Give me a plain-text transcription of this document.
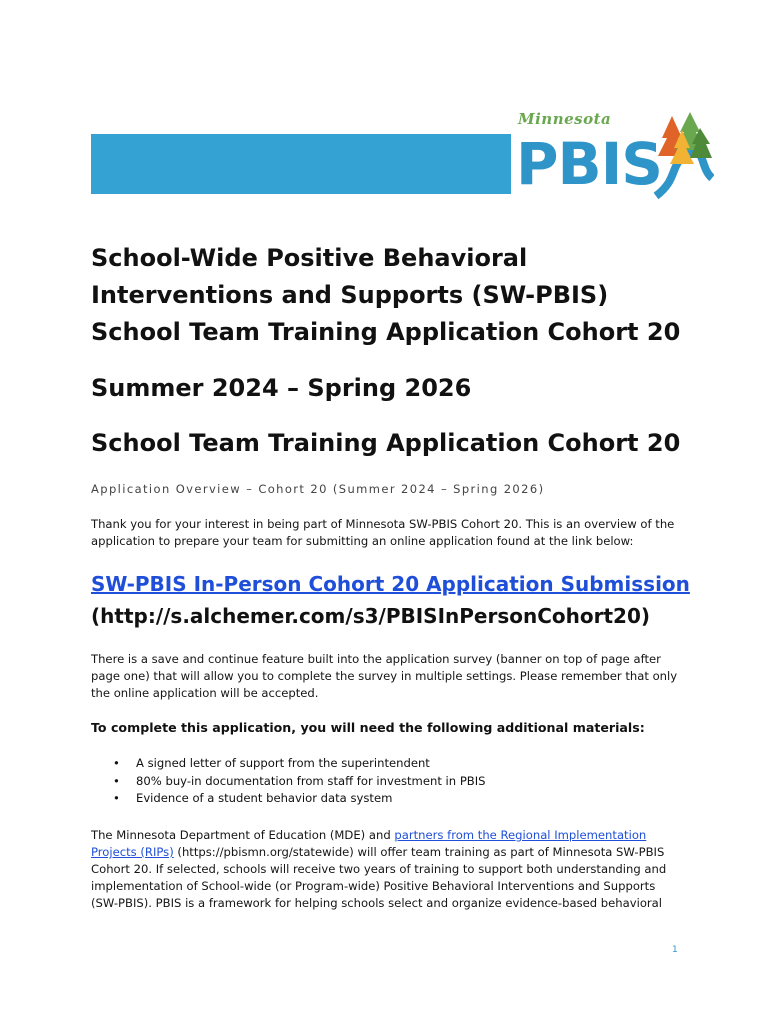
Minnesota
PBIS
School-Wide Positive Behavioral Interventions and Supports (SW-PBIS) School Team Training Application Cohort 20
Summer 2024 – Spring 2026
School Team Training Application Cohort 20

Application Overview – Cohort 20 (Summer 2024 – Spring 2026)

Thank you for your interest in being part of Minnesota SW-PBIS Cohort 20. This is an overview of the application to prepare your team for submitting an online application found at the link below:

SW-PBIS In-Person Cohort 20 Application Submission

(http://s.alchemer.com/s3/PBISInPersonCohort20)

There is a save and continue feature built into the application survey (banner on top of page after page one) that will allow you to complete the survey in multiple settings. Please remember that only the online application will be accepted.

To complete this application, you will need the following additional materials:

• A signed letter of support from the superintendent
• 80% buy-in documentation from staff for investment in PBIS
• Evidence of a student behavior data system

The Minnesota Department of Education (MDE) and partners from the Regional Implementation Projects (RIPs) (https://pbismn.org/statewide) will offer team training as part of Minnesota SW-PBIS Cohort 20. If selected, schools will receive two years of training to support both understanding and implementation of School-wide (or Program-wide) Positive Behavioral Interventions and Supports (SW-PBIS). PBIS is a framework for helping schools select and organize evidence-based behavioral

1
